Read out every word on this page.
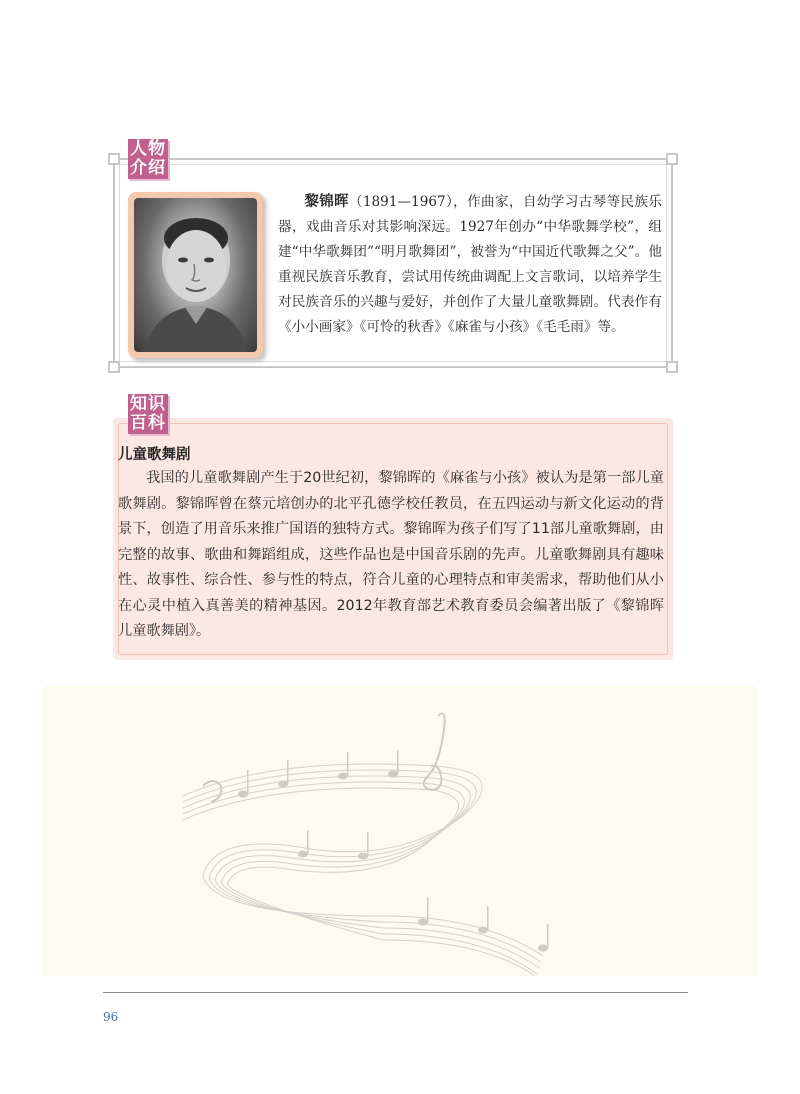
人物
介绍
黎锦晖（1891—1967），作曲家，自幼学习古琴等民族乐器，戏曲音乐对其影响深远。1927年创办“中华歌舞学校”，组建“中华歌舞团”“明月歌舞团”，被誉为“中国近代歌舞之父”。他重视民族音乐教育，尝试用传统曲调配上文言歌词，以培养学生对民族音乐的兴趣与爱好，并创作了大量儿童歌舞剧。代表作有《小小画家》《可怜的秋香》《麻雀与小孩》《毛毛雨》等。
知识
百科
儿童歌舞剧
我国的儿童歌舞剧产生于20世纪初，黎锦晖的《麻雀与小孩》被认为是第一部儿童歌舞剧。黎锦晖曾在蔡元培创办的北平孔德学校任教员，在五四运动与新文化运动的背景下，创造了用音乐来推广国语的独特方式。黎锦晖为孩子们写了11部儿童歌舞剧，由完整的故事、歌曲和舞蹈组成，这些作品也是中国音乐剧的先声。儿童歌舞剧具有趣味性、故事性、综合性、参与性的特点，符合儿童的心理特点和审美需求，帮助他们从小在心灵中植入真善美的精神基因。2012年教育部艺术教育委员会编著出版了《黎锦晖儿童歌舞剧》。
96
